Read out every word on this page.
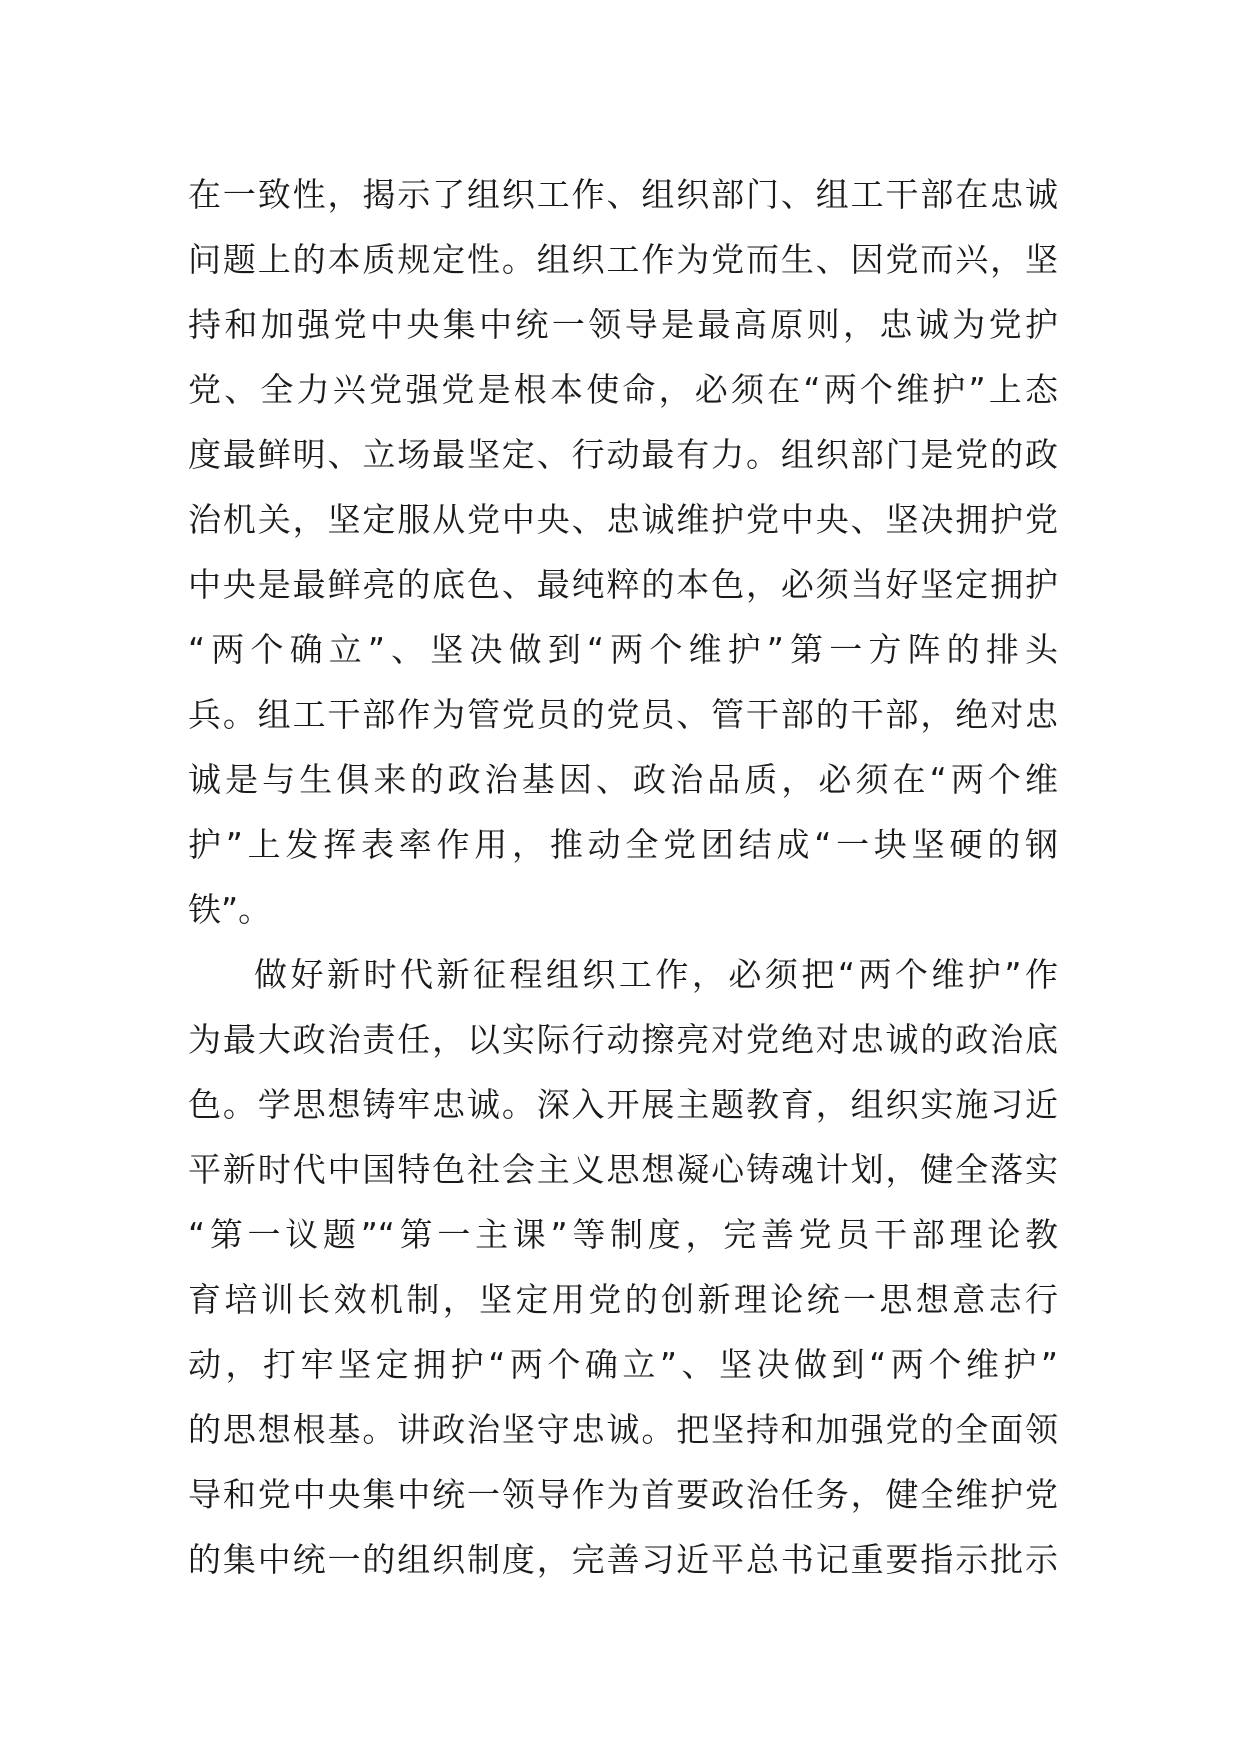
在一致性，揭示了组织工作、组织部门、组工干部在忠诚
问题上的本质规定性。组织工作为党而生、因党而兴，坚
持和加强党中央集中统一领导是最高原则，忠诚为党护
党、全力兴党强党是根本使命，必须在“两个维护”上态
度最鲜明、立场最坚定、行动最有力。组织部门是党的政
治机关，坚定服从党中央、忠诚维护党中央、坚决拥护党
中央是最鲜亮的底色、最纯粹的本色，必须当好坚定拥护
“两个确立”、坚决做到“两个维护”第一方阵的排头
兵。组工干部作为管党员的党员、管干部的干部，绝对忠
诚是与生俱来的政治基因、政治品质，必须在“两个维
护”上发挥表率作用，推动全党团结成“一块坚硬的钢
铁”。
做好新时代新征程组织工作，必须把“两个维护”作
为最大政治责任，以实际行动擦亮对党绝对忠诚的政治底
色。学思想铸牢忠诚。深入开展主题教育，组织实施习近
平新时代中国特色社会主义思想凝心铸魂计划，健全落实
“第一议题”“第一主课”等制度，完善党员干部理论教
育培训长效机制，坚定用党的创新理论统一思想意志行
动，打牢坚定拥护“两个确立”、坚决做到“两个维护”
的思想根基。讲政治坚守忠诚。把坚持和加强党的全面领
导和党中央集中统一领导作为首要政治任务，健全维护党
的集中统一的组织制度，完善习近平总书记重要指示批示
